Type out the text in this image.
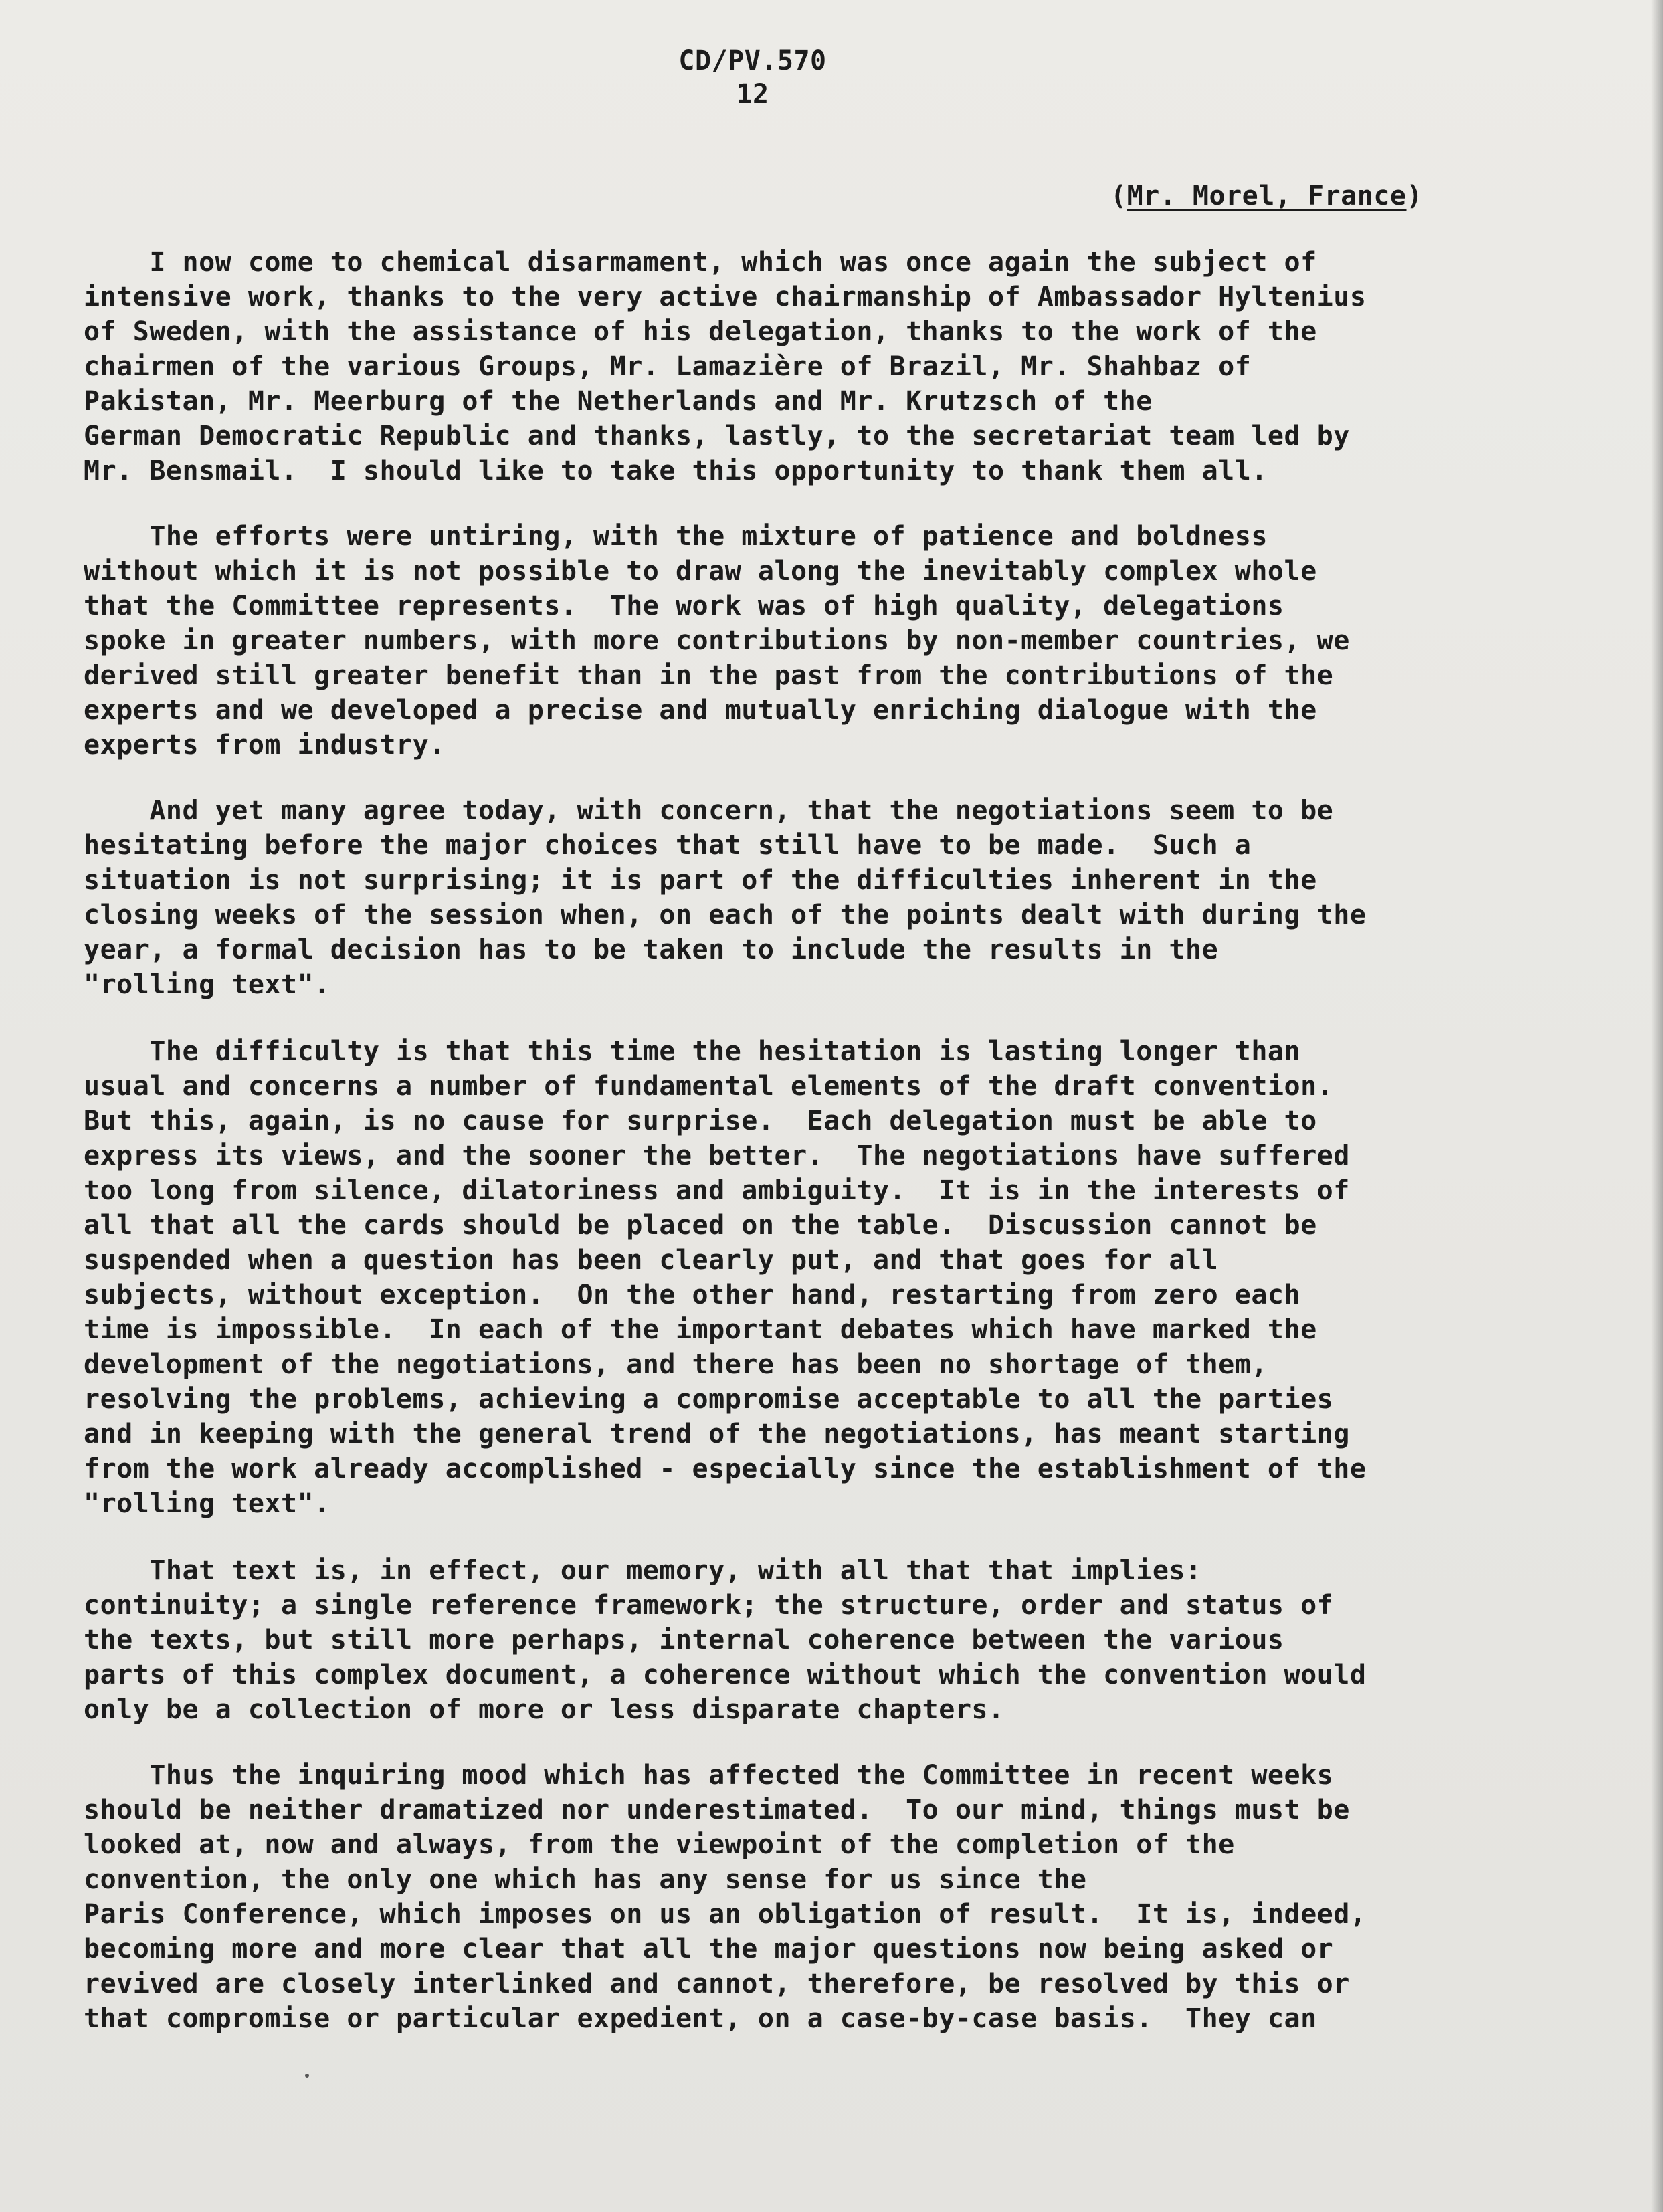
CD/PV.570
12
(Mr. Morel, France)
I now come to chemical disarmament, which was once again the subject of
intensive work, thanks to the very active chairmanship of Ambassador Hyltenius
of Sweden, with the assistance of his delegation, thanks to the work of the
chairmen of the various Groups, Mr. Lamazière of Brazil, Mr. Shahbaz of
Pakistan, Mr. Meerburg of the Netherlands and Mr. Krutzsch of the
German Democratic Republic and thanks, lastly, to the secretariat team led by
Mr. Bensmail.  I should like to take this opportunity to thank them all.
The efforts were untiring, with the mixture of patience and boldness
without which it is not possible to draw along the inevitably complex whole
that the Committee represents.  The work was of high quality, delegations
spoke in greater numbers, with more contributions by non-member countries, we
derived still greater benefit than in the past from the contributions of the
experts and we developed a precise and mutually enriching dialogue with the
experts from industry.
And yet many agree today, with concern, that the negotiations seem to be
hesitating before the major choices that still have to be made.  Such a
situation is not surprising; it is part of the difficulties inherent in the
closing weeks of the session when, on each of the points dealt with during the
year, a formal decision has to be taken to include the results in the
"rolling text".
The difficulty is that this time the hesitation is lasting longer than
usual and concerns a number of fundamental elements of the draft convention.
But this, again, is no cause for surprise.  Each delegation must be able to
express its views, and the sooner the better.  The negotiations have suffered
too long from silence, dilatoriness and ambiguity.  It is in the interests of
all that all the cards should be placed on the table.  Discussion cannot be
suspended when a question has been clearly put, and that goes for all
subjects, without exception.  On the other hand, restarting from zero each
time is impossible.  In each of the important debates which have marked the
development of the negotiations, and there has been no shortage of them,
resolving the problems, achieving a compromise acceptable to all the parties
and in keeping with the general trend of the negotiations, has meant starting
from the work already accomplished - especially since the establishment of the
"rolling text".
That text is, in effect, our memory, with all that that implies:
continuity; a single reference framework; the structure, order and status of
the texts, but still more perhaps, internal coherence between the various
parts of this complex document, a coherence without which the convention would
only be a collection of more or less disparate chapters.
Thus the inquiring mood which has affected the Committee in recent weeks
should be neither dramatized nor underestimated.  To our mind, things must be
looked at, now and always, from the viewpoint of the completion of the
convention, the only one which has any sense for us since the
Paris Conference, which imposes on us an obligation of result.  It is, indeed,
becoming more and more clear that all the major questions now being asked or
revived are closely interlinked and cannot, therefore, be resolved by this or
that compromise or particular expedient, on a case-by-case basis.  They can
